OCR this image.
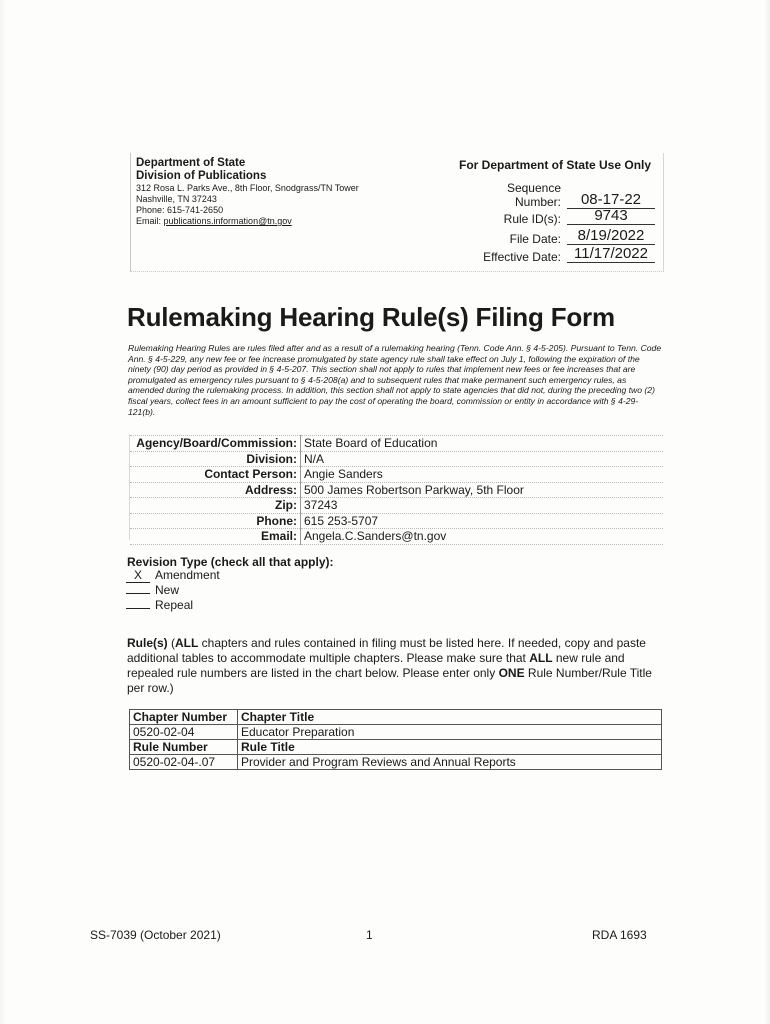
Department of State
Division of Publications
312 Rosa L. Parks Ave., 8th Floor, Snodgrass/TN Tower
Nashville, TN 37243
Phone: 615-741-2650
Email: publications.information@tn.gov
For Department of State Use Only
Sequence
Number:	08-17-22
Rule ID(s):	9743
File Date:	8/19/2022
Effective Date: 11/17/2022
Rulemaking Hearing Rule(s) Filing Form
Rulemaking Hearing Rules are rules filed after and as a result of a rulemaking hearing (Tenn. Code Ann. § 4-5-205). Pursuant to Tenn. Code Ann. § 4-5-229, any new fee or fee increase promulgated by state agency rule shall take effect on July 1, following the expiration of the ninety (90) day period as provided in § 4-5-207. This section shall not apply to rules that implement new fees or fee increases that are promulgated as emergency rules pursuant to § 4-5-208(a) and to subsequent rules that make permanent such emergency rules, as amended during the rulemaking process. In addition, this section shall not apply to state agencies that did not, during the preceding two (2) fiscal years, collect fees in an amount sufficient to pay the cost of operating the board, commission or entity in accordance with § 4-29-121(b).
Agency/Board/Commission:	State Board of Education
Division:	N/A
Contact Person:	Angie Sanders
Address:	500 James Robertson Parkway, 5th Floor
Zip:	37243
Phone:	615 253-5707
Email:	Angela.C.Sanders@tn.gov
Revision Type (check all that apply):
X Amendment
New
Repeal
Rule(s) (ALL chapters and rules contained in filing must be listed here. If needed, copy and paste additional tables to accommodate multiple chapters. Please make sure that ALL new rule and repealed rule numbers are listed in the chart below. Please enter only ONE Rule Number/Rule Title per row.)
Chapter Number	Chapter Title
0520-02-04	Educator Preparation
Rule Number	Rule Title
0520-02-04-.07	Provider and Program Reviews and Annual Reports
SS-7039 (October 2021)	1	RDA 1693
